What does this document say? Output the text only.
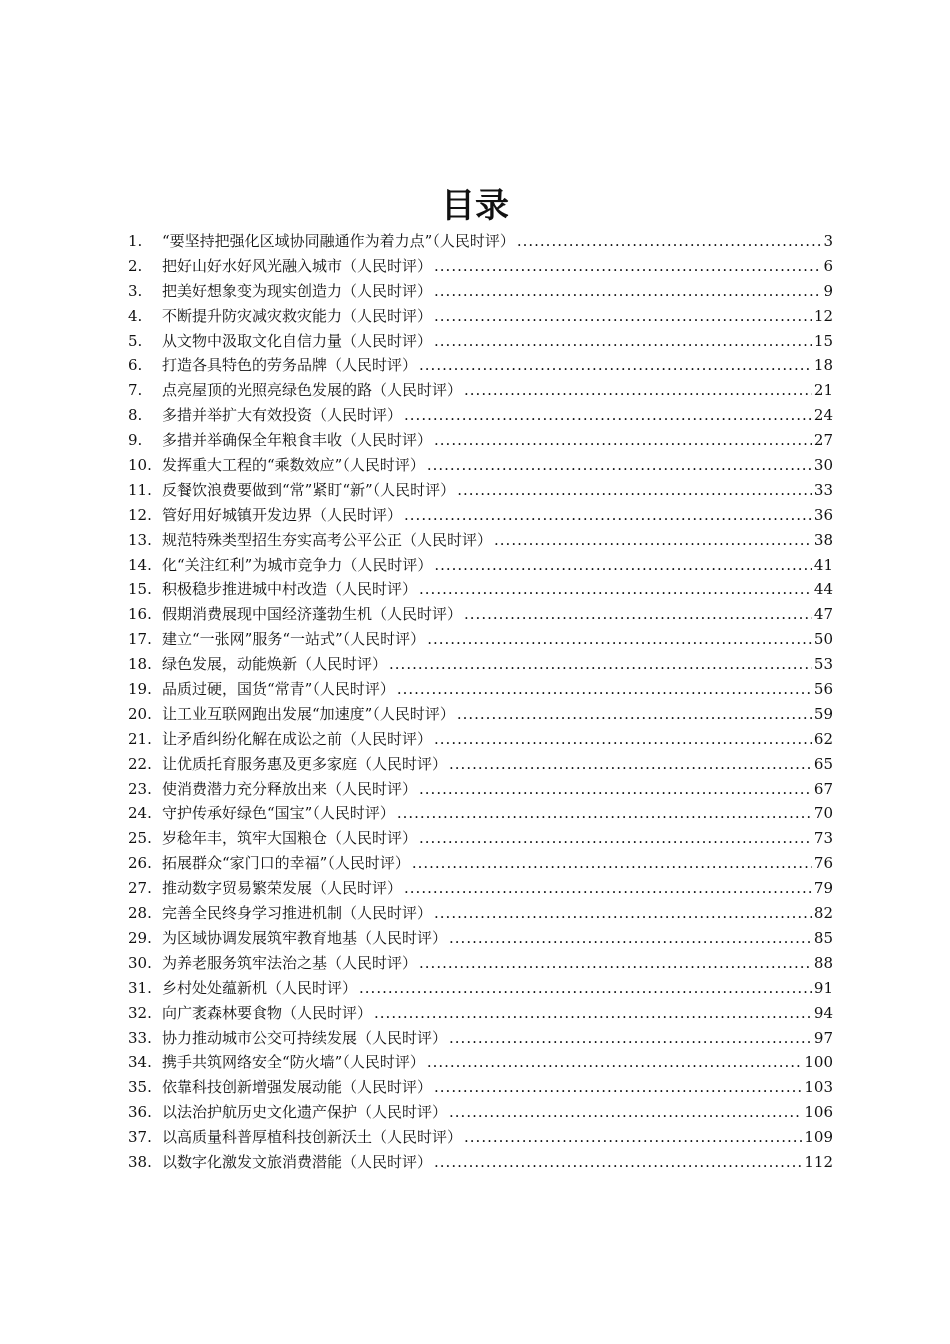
目录
1.	“要坚持把强化区域协同融通作为着力点”（人民时评） .....	3
2.	把好山好水好风光融入城市（人民时评） .....	6
3.	把美好想象变为现实创造力（人民时评） .....	9
4.	不断提升防灾减灾救灾能力（人民时评） .....	12
5.	从文物中汲取文化自信力量（人民时评） .....	15
6.	打造各具特色的劳务品牌（人民时评） .....	18
7.	点亮屋顶的光照亮绿色发展的路（人民时评） .....	21
8.	多措并举扩大有效投资（人民时评） .....	24
9.	多措并举确保全年粮食丰收（人民时评） .....	27
10. 发挥重大工程的“乘数效应”（人民时评） .....	30
11. 反餐饮浪费要做到“常”紧盯“新”（人民时评） .....	33
12. 管好用好城镇开发边界（人民时评） .....	36
13. 规范特殊类型招生夯实高考公平公正（人民时评） .....	38
14. 化“关注红利”为城市竞争力（人民时评） .....	41
15. 积极稳步推进城中村改造（人民时评） .....	44
16. 假期消费展现中国经济蓬勃生机（人民时评） .....	47
17. 建立“一张网”服务“一站式”（人民时评） .....	50
18. 绿色发展，动能焕新（人民时评） .....	53
19. 品质过硬，国货“常青”（人民时评） .....	56
20. 让工业互联网跑出发展“加速度”（人民时评） .....	59
21. 让矛盾纠纷化解在成讼之前（人民时评） .....	62
22. 让优质托育服务惠及更多家庭（人民时评） .....	65
23. 使消费潜力充分释放出来（人民时评） .....	67
24. 守护传承好绿色“国宝”（人民时评） .....	70
25. 岁稔年丰，筑牢大国粮仓（人民时评） .....	73
26. 拓展群众“家门口的幸福”（人民时评） .....	76
27. 推动数字贸易繁荣发展（人民时评） .....	79
28. 完善全民终身学习推进机制（人民时评） .....	82
29. 为区域协调发展筑牢教育地基（人民时评） .....	85
30. 为养老服务筑牢法治之基（人民时评） .....	88
31. 乡村处处蕴新机（人民时评） .....	91
32. 向广袤森林要食物（人民时评） .....	94
33. 协力推动城市公交可持续发展（人民时评） .....	97
34. 携手共筑网络安全“防火墙”（人民时评） .....	100
35. 依靠科技创新增强发展动能（人民时评） .....	103
36. 以法治护航历史文化遗产保护（人民时评） .....	106
37. 以高质量科普厚植科技创新沃土（人民时评） .....	109
38. 以数字化激发文旅消费潜能（人民时评） .....	112
